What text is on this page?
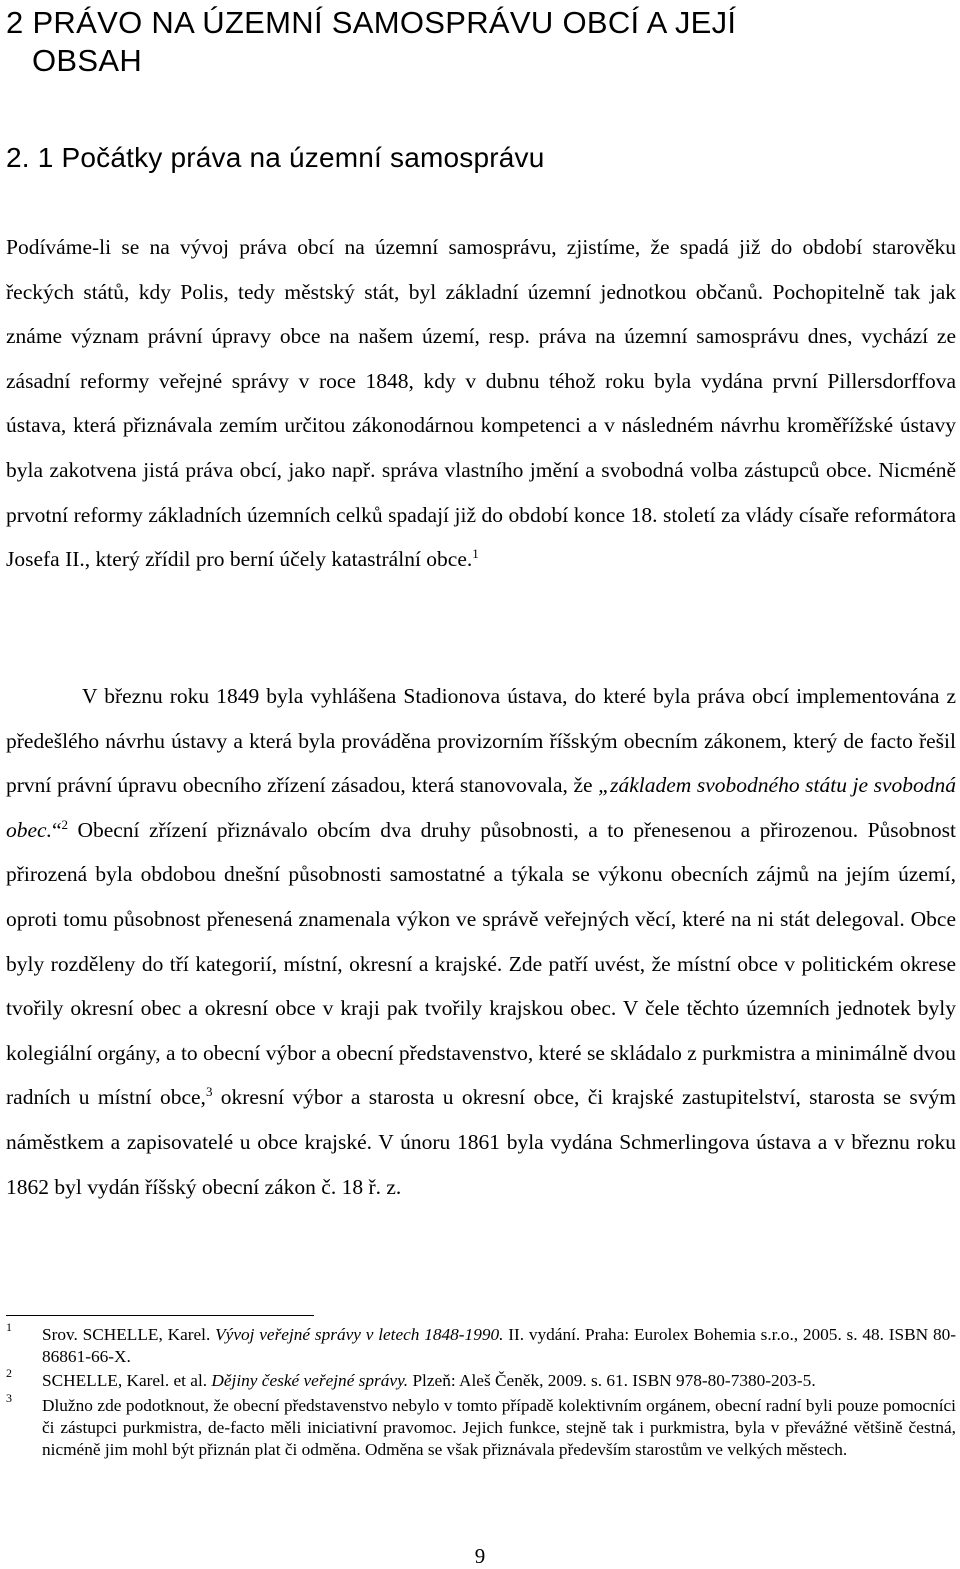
2 PRÁVO NA ÚZEMNÍ SAMOSPRÁVU OBCÍ A JEJÍ
OBSAH
2. 1 Počátky práva na územní samosprávu

Podíváme-li se na vývoj práva obcí na územní samosprávu, zjistíme, že spadá již do období starověku řeckých států, kdy Polis, tedy městský stát, byl základní územní jednotkou občanů. Pochopitelně tak jak známe význam právní úpravy obce na našem území, resp. práva na územní samosprávu dnes, vychází ze zásadní reformy veřejné správy v roce 1848, kdy v dubnu téhož roku byla vydána první Pillersdorffova ústava, která přiznávala zemím určitou zákonodárnou kompetenci a v následném návrhu kroměřížské ústavy byla zakotvena jistá práva obcí, jako např. správa vlastního jmění a svobodná volba zástupců obce. Nicméně prvotní reformy základních územních celků spadají již do období konce 18. století za vlády císaře reformátora Josefa II., který zřídil pro berní účely katastrální obce.$^1$

V březnu roku 1849 byla vyhlášena Stadionova ústava, do které byla práva obcí implementována z předešlého návrhu ústavy a která byla prováděna provizorním říšským obecním zákonem, který de facto řešil první právní úpravu obecního zřízení zásadou, která stanovovala, že „základem svobodného státu je svobodná obec.“$^2$ Obecní zřízení přiznávalo obcím dva druhy působnosti, a to přenesenou a přirozenou. Působnost přirozená byla obdobou dnešní působnosti samostatné a týkala se výkonu obecních zájmů na jejím území, oproti tomu působnost přenesená znamenala výkon ve správě veřejných věcí, které na ni stát delegoval. Obce byly rozděleny do tří kategorií, místní, okresní a krajské. Zde patří uvést, že místní obce v politickém okrese tvořily okresní obec a okresní obce v kraji pak tvořily krajskou obec. V čele těchto územních jednotek byly kolegiální orgány, a to obecní výbor a obecní představenstvo, které se skládalo z purkmistra a minimálně dvou radních u místní obce,$^3$ okresní výbor a starosta u okresní obce, či krajské zastupitelství, starosta se svým náměstkem a zapisovatelé u obce krajské. V únoru 1861 byla vydána Schmerlingova ústava a v březnu roku 1862 byl vydán říšský obecní zákon č. 18 ř. z.

1 Srov. SCHELLE, Karel. Vývoj veřejné správy v letech 1848-1990. II. vydání. Praha: Eurolex Bohemia s.r.o., 2005. s. 48. ISBN 80-86861-66-X.

2 SCHELLE, Karel. et al. Dějiny české veřejné správy. Plzeň: Aleš Čeněk, 2009. s. 61. ISBN 978-80-7380-203-5.

3 Dlužno zde podotknout, že obecní představenstvo nebylo v tomto případě kolektivním orgánem, obecní radní byli pouze pomocníci či zástupci purkmistra, de-facto měli iniciativní pravomoc. Jejich funkce, stejně tak i purkmistra, byla v převážné většině čestná, nicméně jim mohl být přiznán plat či odměna. Odměna se však přiznávala především starostům ve velkých městech.

9
